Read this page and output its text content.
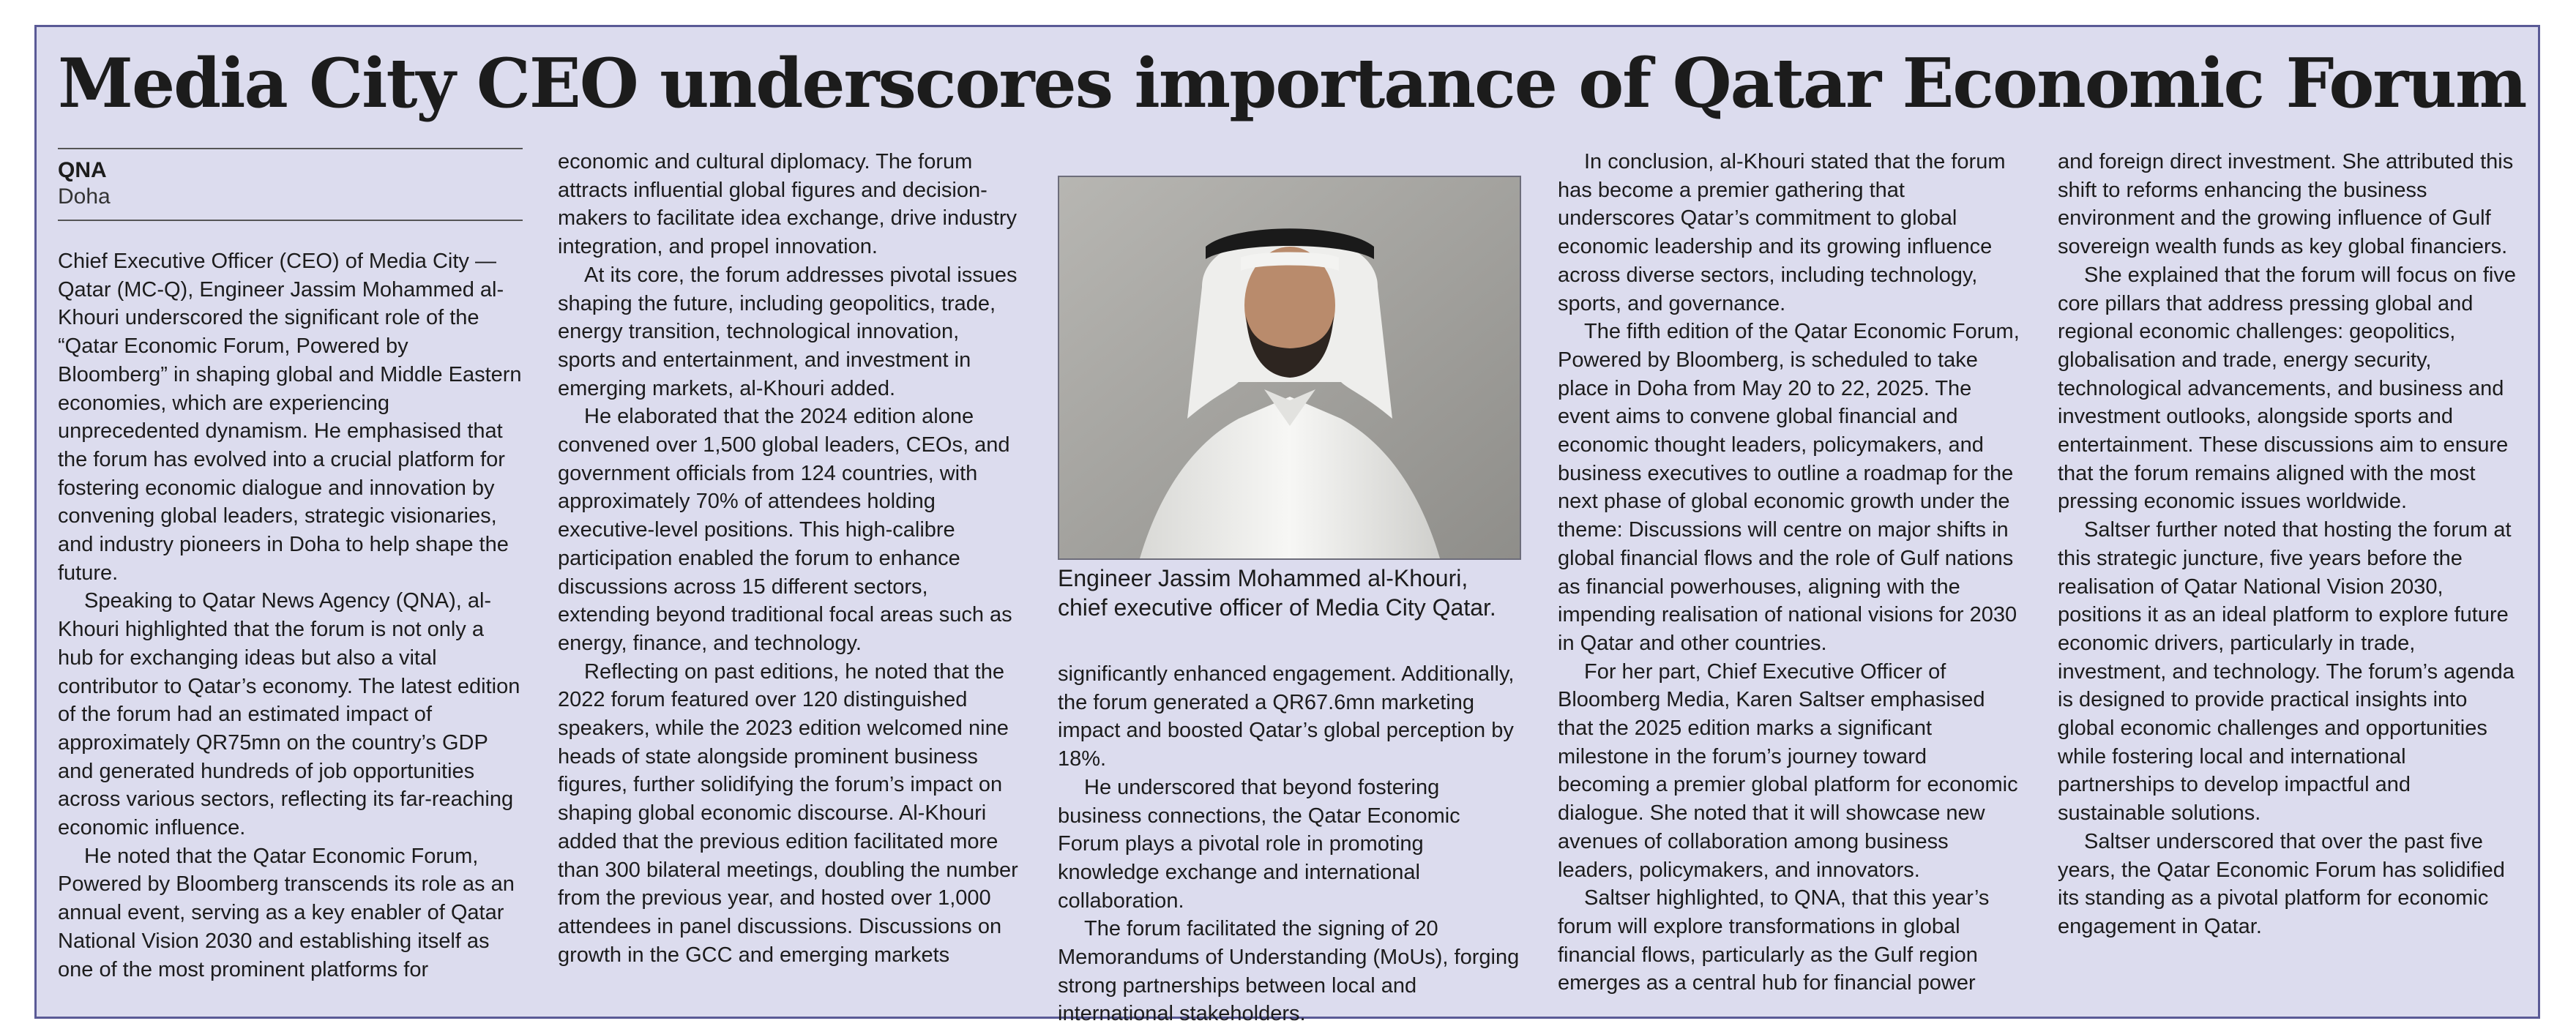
Media City CEO underscores importance of Qatar Economic Forum
QNA
Doha

Chief Executive Officer (CEO) of Media City — Qatar (MC-Q), Engineer Jassim Mohammed al-Khouri underscored the significant role of the “Qatar Economic Forum, Powered by Bloomberg” in shaping global and Middle Eastern economies, which are experiencing unprecedented dynamism. He emphasised that the forum has evolved into a crucial platform for fostering economic dialogue and innovation by convening global leaders, strategic visionaries, and industry pioneers in Doha to help shape the future.

Speaking to Qatar News Agency (QNA), al-Khouri highlighted that the forum is not only a hub for exchanging ideas but also a vital contributor to Qatar’s economy. The latest edition of the forum had an estimated impact of approximately QR75mn on the country’s GDP and generated hundreds of job opportunities across various sectors, reflecting its far-reaching economic influence.

He noted that the Qatar Economic Forum, Powered by Bloomberg transcends its role as an annual event, serving as a key enabler of Qatar National Vision 2030 and establishing itself as one of the most prominent platforms for

economic and cultural diplomacy. The forum attracts influential global figures and decision-makers to facilitate idea exchange, drive industry integration, and propel innovation.

At its core, the forum addresses pivotal issues shaping the future, including geopolitics, trade, energy transition, technological innovation, sports and entertainment, and investment in emerging markets, al-Khouri added.

He elaborated that the 2024 edition alone convened over 1,500 global leaders, CEOs, and government officials from 124 countries, with approximately 70% of attendees holding executive-level positions. This high-calibre participation enabled the forum to enhance discussions across 15 different sectors, extending beyond traditional focal areas such as energy, finance, and technology.

Reflecting on past editions, he noted that the 2022 forum featured over 120 distinguished speakers, while the 2023 edition welcomed nine heads of state alongside prominent business figures, further solidifying the forum’s impact on shaping global economic discourse. Al-Khouri added that the previous edition facilitated more than 300 bilateral meetings, doubling the number from the previous year, and hosted over 1,000 attendees in panel discussions. Discussions on growth in the GCC and emerging markets

Engineer Jassim Mohammed al-Khouri, chief executive officer of Media City Qatar.

significantly enhanced engagement. Additionally, the forum generated a QR67.6mn marketing impact and boosted Qatar’s global perception by 18%.

He underscored that beyond fostering business connections, the Qatar Economic Forum plays a pivotal role in promoting knowledge exchange and international collaboration.

The forum facilitated the signing of 20 Memorandums of Understanding (MoUs), forging strong partnerships between local and international stakeholders.

In conclusion, al-Khouri stated that the forum has become a premier gathering that underscores Qatar’s commitment to global economic leadership and its growing influence across diverse sectors, including technology, sports, and governance.

The fifth edition of the Qatar Economic Forum, Powered by Bloomberg, is scheduled to take place in Doha from May 20 to 22, 2025. The event aims to convene global financial and economic thought leaders, policymakers, and business executives to outline a roadmap for the next phase of global economic growth under the theme: Discussions will centre on major shifts in global financial flows and the role of Gulf nations as financial powerhouses, aligning with the impending realisation of national visions for 2030 in Qatar and other countries.

For her part, Chief Executive Officer of Bloomberg Media, Karen Saltser emphasised that the 2025 edition marks a significant milestone in the forum’s journey toward becoming a premier global platform for economic dialogue. She noted that it will showcase new avenues of collaboration among business leaders, policymakers, and innovators.

Saltser highlighted, to QNA, that this year’s forum will explore transformations in global financial flows, particularly as the Gulf region emerges as a central hub for financial power

and foreign direct investment. She attributed this shift to reforms enhancing the business environment and the growing influence of Gulf sovereign wealth funds as key global financiers.

She explained that the forum will focus on five core pillars that address pressing global and regional economic challenges: geopolitics, globalisation and trade, energy security, technological advancements, and business and investment outlooks, alongside sports and entertainment. These discussions aim to ensure that the forum remains aligned with the most pressing economic issues worldwide.

Saltser further noted that hosting the forum at this strategic juncture, five years before the realisation of Qatar National Vision 2030, positions it as an ideal platform to explore future economic drivers, particularly in trade, investment, and technology. The forum’s agenda is designed to provide practical insights into global economic challenges and opportunities while fostering local and international partnerships to develop impactful and sustainable solutions.

Saltser underscored that over the past five years, the Qatar Economic Forum has solidified its standing as a pivotal platform for economic engagement in Qatar.
